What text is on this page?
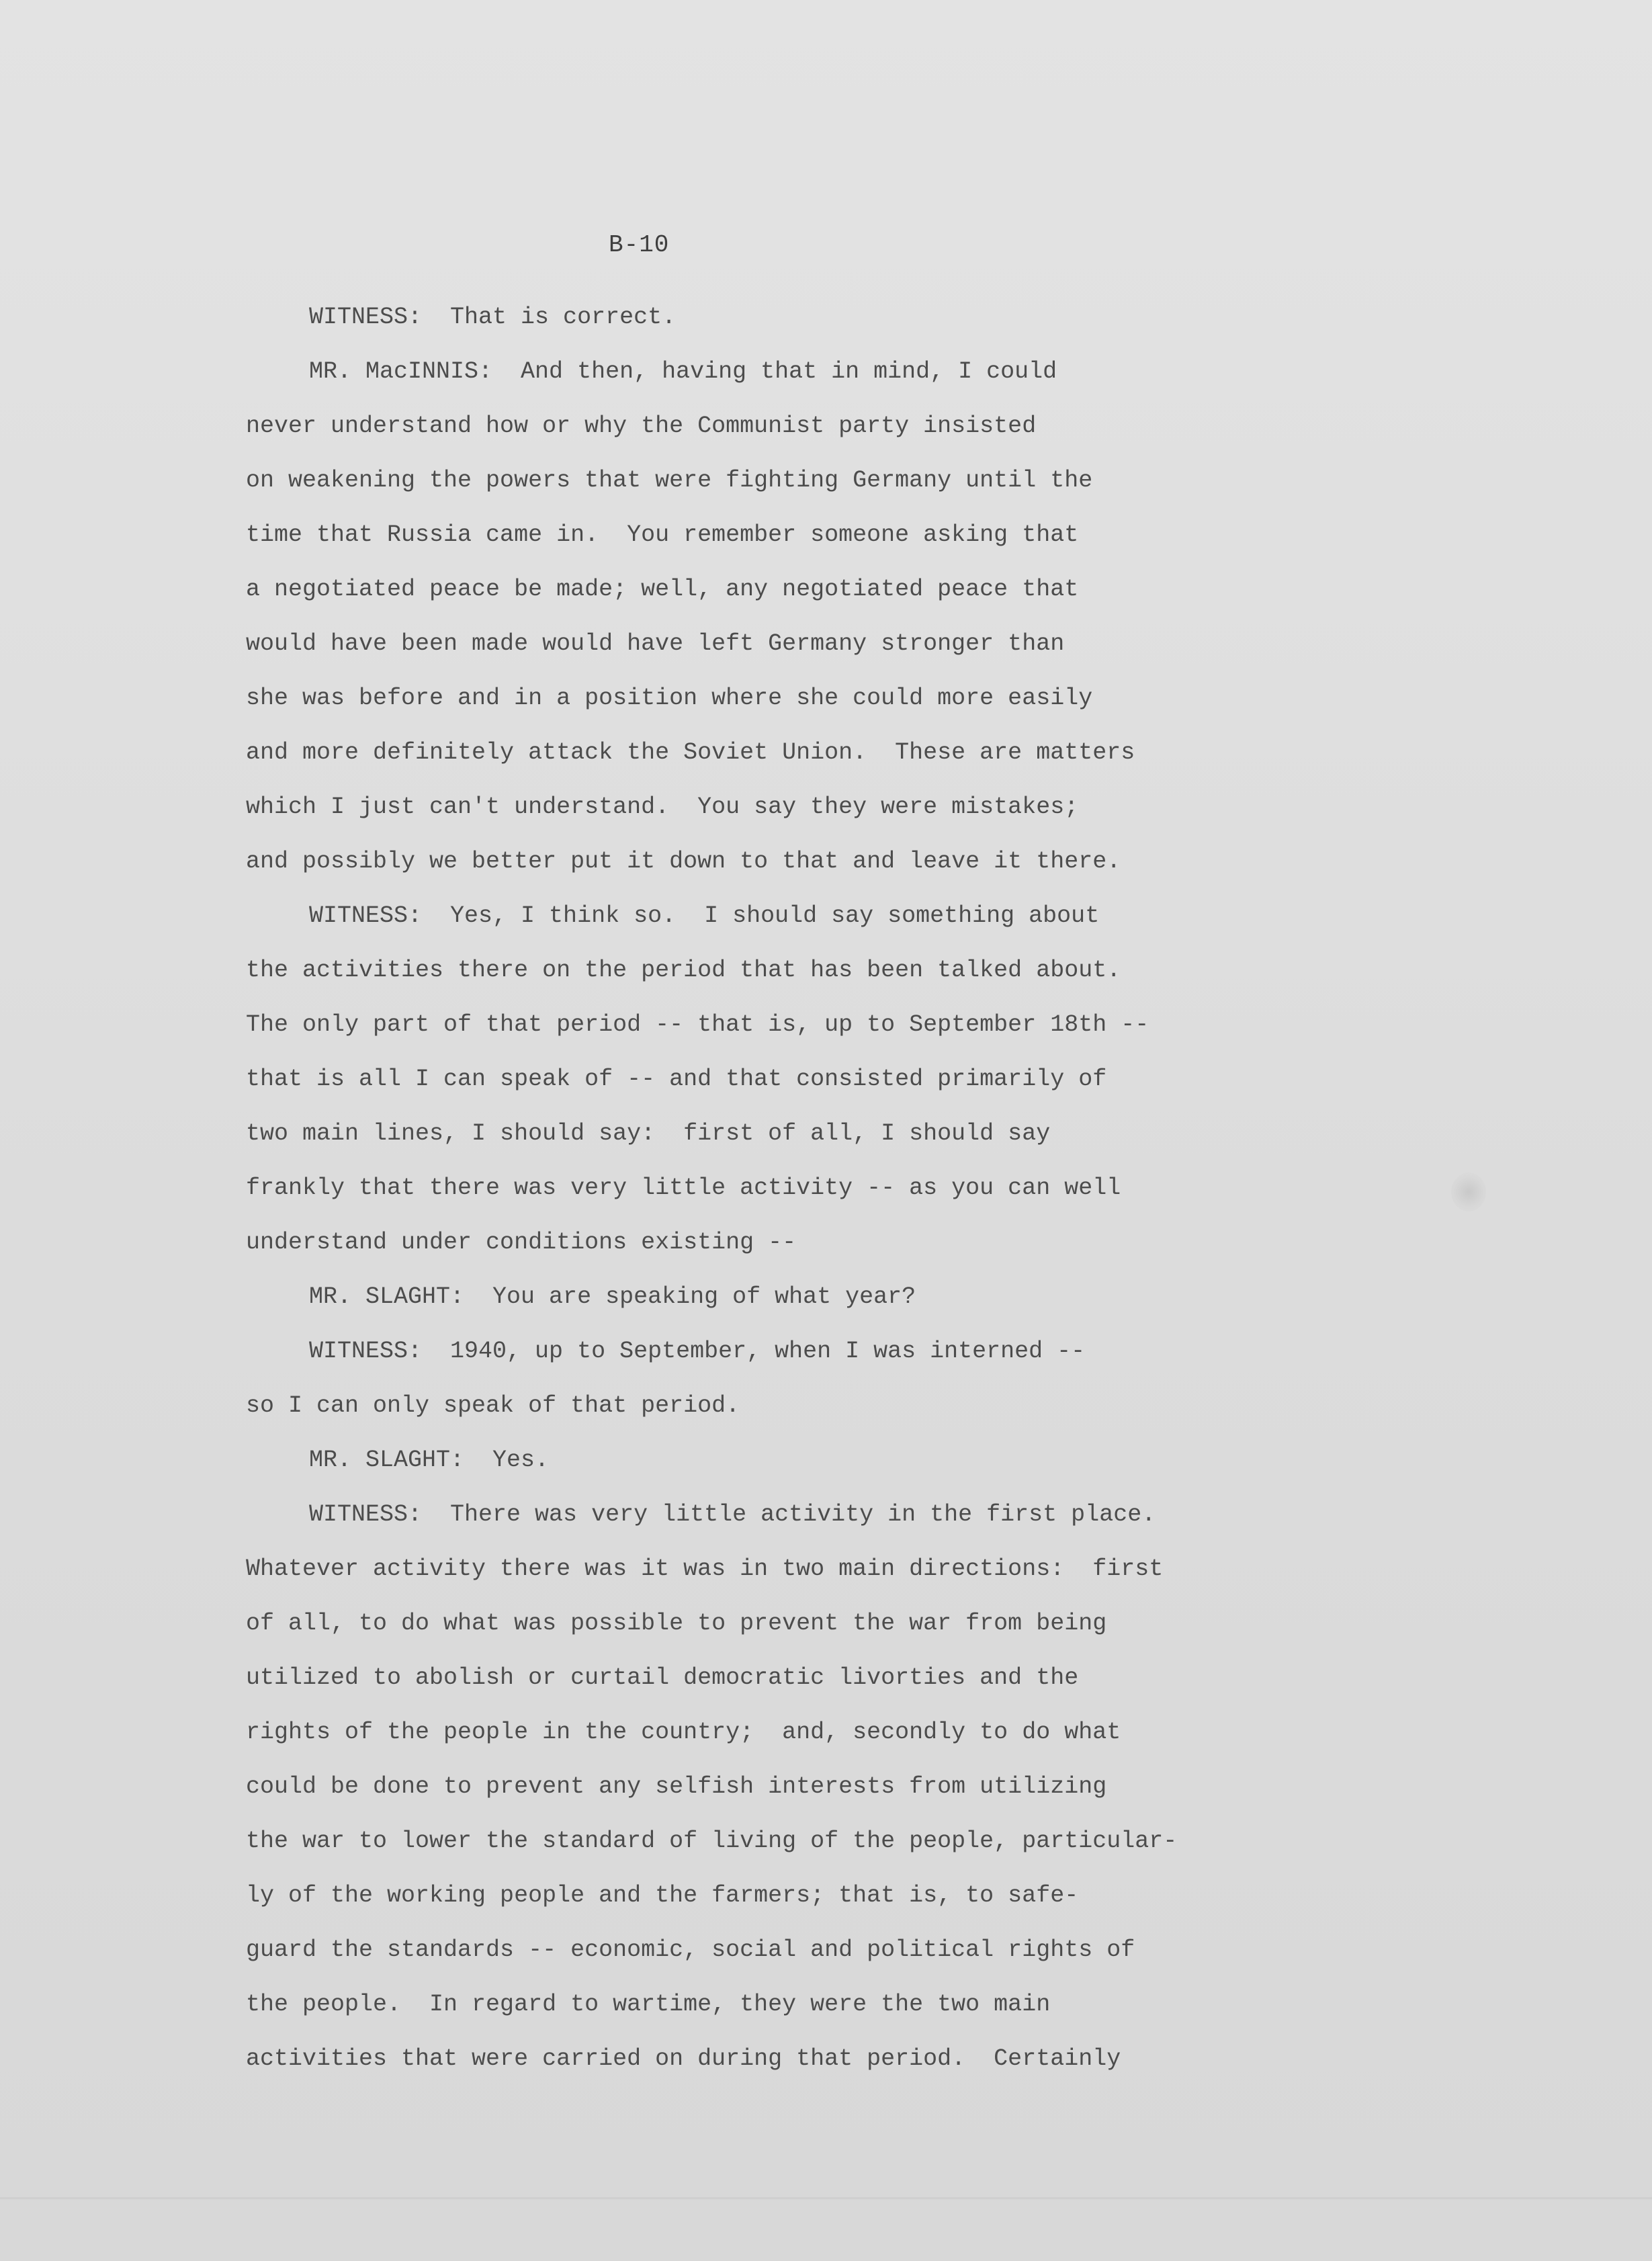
B-10
WITNESS:  That is correct.
MR. MacINNIS:  And then, having that in mind, I could
never understand how or why the Communist party insisted
on weakening the powers that were fighting Germany until the
time that Russia came in.  You remember someone asking that
a negotiated peace be made; well, any negotiated peace that
would have been made would have left Germany stronger than
she was before and in a position where she could more easily
and more definitely attack the Soviet Union.  These are matters
which I just can't understand.  You say they were mistakes;
and possibly we better put it down to that and leave it there.
WITNESS:  Yes, I think so.  I should say something about
the activities there on the period that has been talked about.
The only part of that period -- that is, up to September 18th --
that is all I can speak of -- and that consisted primarily of
two main lines, I should say:  first of all, I should say
frankly that there was very little activity -- as you can well
understand under conditions existing --
MR. SLAGHT:  You are speaking of what year?
WITNESS:  1940, up to September, when I was interned --
so I can only speak of that period.
MR. SLAGHT:  Yes.
WITNESS:  There was very little activity in the first place.
Whatever activity there was it was in two main directions:  first
of all, to do what was possible to prevent the war from being
utilized to abolish or curtail democratic livorties and the
rights of the people in the country;  and, secondly to do what
could be done to prevent any selfish interests from utilizing
the war to lower the standard of living of the people, particular-
ly of the working people and the farmers; that is, to safe-
guard the standards -- economic, social and political rights of
the people.  In regard to wartime, they were the two main
activities that were carried on during that period.  Certainly
